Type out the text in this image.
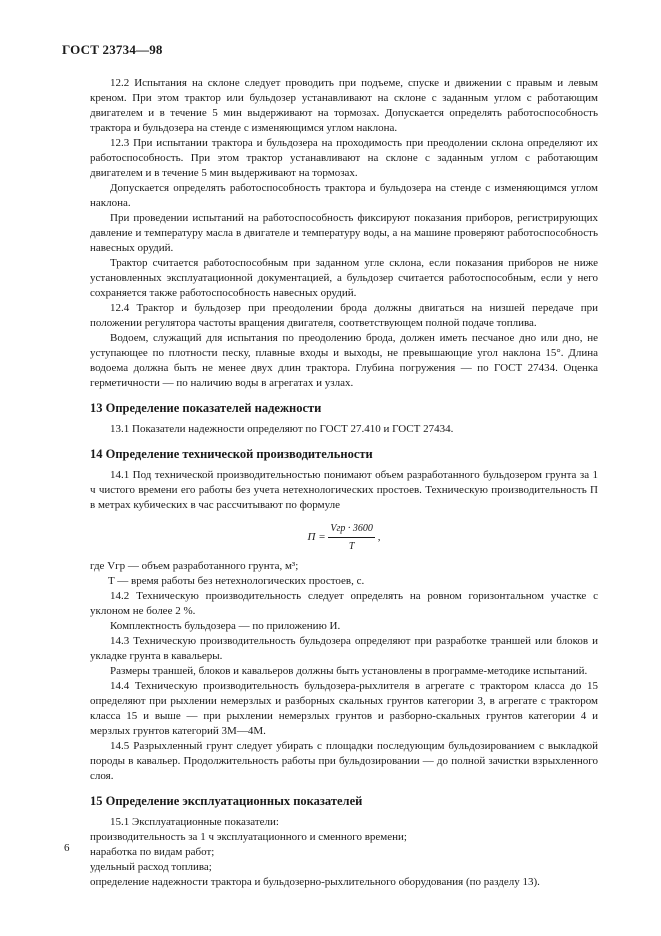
ГОСТ 23734—98

12.2 Испытания на склоне следует проводить при подъеме, спуске и движении с правым и левым креном. При этом трактор или бульдозер устанавливают на склоне с заданным углом с работающим двигателем и в течение 5 мин выдерживают на тормозах. Допускается определять работоспособность трактора и бульдозера на стенде с изменяющимся углом наклона.

12.3 При испытании трактора и бульдозера на проходимость при преодолении склона определяют их работоспособность. При этом трактор устанавливают на склоне с заданным углом с работающим двигателем и в течение 5 мин выдерживают на тормозах.

Допускается определять работоспособность трактора и бульдозера на стенде с изменяющимся углом наклона.

При проведении испытаний на работоспособность фиксируют показания приборов, регистрирующих давление и температуру масла в двигателе и температуру воды, а на машине проверяют работоспособность навесных орудий.

Трактор считается работоспособным при заданном угле склона, если показания приборов не ниже установленных эксплуатационной документацией, а бульдозер считается работоспособным, если у него сохраняется также работоспособность навесных орудий.

12.4 Трактор и бульдозер при преодолении брода должны двигаться на низшей передаче при положении регулятора частоты вращения двигателя, соответствующем полной подаче топлива.

Водоем, служащий для испытания по преодолению брода, должен иметь песчаное дно или дно, не уступающее по плотности песку, плавные входы и выходы, не превышающие угол наклона 15°. Длина водоема должна быть не менее двух длин трактора. Глубина погружения — по ГОСТ 27434. Оценка герметичности — по наличию воды в агрегатах и узлах.

13 Определение показателей надежности

13.1 Показатели надежности определяют по ГОСТ 27.410 и ГОСТ 27434.

14 Определение технической производительности

14.1 Под технической производительностью понимают объем разработанного бульдозером грунта за 1 ч чистого времени его работы без учета нетехнологических простоев. Техническую производительность П в метрах кубических в час рассчитывают по формуле

$П = \frac{\text{Vгр · 3600}}{T}$ ,

где Vгр — объем разработанного грунта, м³;

T — время работы без нетехнологических простоев, с.

14.2 Техническую производительность следует определять на ровном горизонтальном участке с уклоном не более 2 %.

Комплектность бульдозера — по приложению И.

14.3 Техническую производительность бульдозера определяют при разработке траншей или блоков и укладке грунта в кавальеры.

Размеры траншей, блоков и кавальеров должны быть установлены в программе-методике испытаний.

14.4 Техническую производительность бульдозера-рыхлителя в агрегате с трактором класса до 15 определяют при рыхлении немерзлых и разборных скальных грунтов категории 3, в агрегате с трактором класса 15 и выше — при рыхлении немерзлых грунтов и разборно-скальных грунтов категории 4 и мерзлых грунтов категорий 3М—4М.

14.5 Разрыхленный грунт следует убирать с площадки последующим бульдозированием с выкладкой породы в кавальер. Продолжительность работы при бульдозировании — до полной зачистки взрыхленного слоя.

15 Определение эксплуатационных показателей

15.1 Эксплуатационные показатели:

производительность за 1 ч эксплуатационного и сменного времени;

наработка по видам работ;

удельный расход топлива;

определение надежности трактора и бульдозерно-рыхлительного оборудования (по разделу 13).

6
